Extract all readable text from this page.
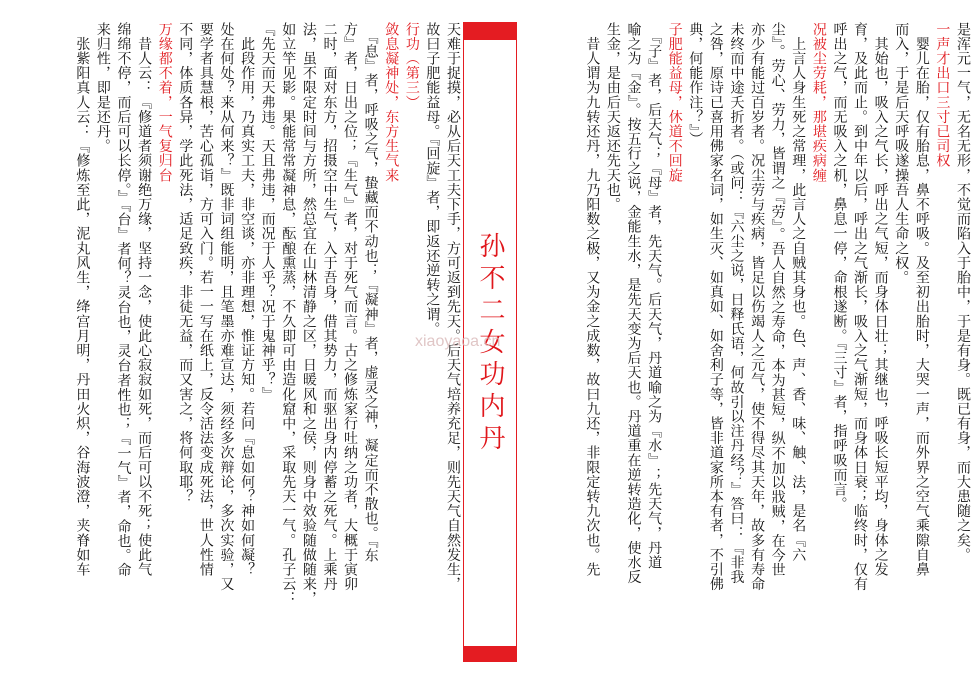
是浑元一气，无名无形，不觉而陷入于胎中，于是有身。既已有身，而大患随之矣。
一声才出口三寸已司权
　婴儿在胎，仅有胎息，鼻不呼吸。及至初出胎时，大哭一声，而外界之空气乘隙自鼻
而入，于是后天呼吸遂操吾人生命之权。
　其始也，吸入之气长，呼出之气短，而身体日壮；其继也，呼吸长短平均，身体之发
育，及此而止。到中年以后，呼出之气渐长，吸入之气渐短，而身体日衰；临终时，仅有
呼出之气，而无吸入之机，鼻息一停，命根遂断。『三寸』者，指呼吸而言。
况被尘劳耗，那堪疾病缠
　上言人身生死之常理，此言人之自贼其身也。色、声、香、味、触、法，是名『六
尘』。劳心、劳力，皆谓之『劳』。吾人自然之寿命，本为甚短，纵不加以戕贼，在今世
亦少有能过百岁者。况尘劳与疾病，皆足以伤竭人之元气，使不得尽其天年，故多有寿命
未终而中途夭折者。（或问：『六尘之说，日释氏语，何故引以注丹经？』答曰：『非我
之咎，原诗已喜用佛家名词，如生灭、如真如、如舍利子等，皆非道家所本有者，不引佛
典，何能作注？』）
子肥能益母，休道不回旋
　『子』者，后天气；『母』者，先天气。后天气，丹道喻之为『水』；先天气，丹道
喻之为『金』。按五行之说，金能生水，是先天变为后天也。丹道重在逆转造化，使水反
生金，是由后天返还先天也。
　昔人谓为九转还丹，九乃阳数之极，又为金之成数，故曰九还，非限定转九次也。先
孙不二女功内丹
天难于捉摸，必从后天工夫下手，方可返到先天。后天气培养充足，则先天气自然发生，
故曰子肥能益母。『回旋』者，即返还逆转之谓。
行功（第三）
敛息凝神处，东方生气来
　『息』者，呼吸之气，蛰藏而不动也；『凝神』者，虚灵之神，凝定而不散也。『东
方』者，日出之位；『生气』者，对于死气而言。古之修炼家行吐纳之功者，大概于寅卯
二时，面对东方，招摄空中生气，入于吾身，借其势力，而驱出身内停蓄之死气。上乘丹
法，虽不限定时间与方所，然总宜在山林清静之区，日暖风和之侯，则身中效验随做随来，
如立竿见影。果能常常凝神息，酝酿熏蒸，不久即可由造化窟中，采取先天一气。孔子云：
『先天而天弗违。天且弗违，而况于人乎？况于鬼神乎？』
　此段作用，乃真实工夫，非空谈，亦非理想，惟证方知。若问『息如何？神如何凝？
处在何处？来从何来？』既非词组能明，且笔墨亦难宣达，须经多次辩论，多次实验，又
要学者具慧根，苦心孤诣，方可入门。若一一写在纸上，反令活法变成死法，世人性情
不同，体质各异，学此死法，适足致疾，非徒无益，而又害之，将何取耶？
万缘都不着，一气复归台
　昔人云：『修道者须谢绝万缘，坚持一念，使此心寂寂如死，而后可以不死；使此气
绵绵不停，而后可以长停。』『台』者何？灵台也，灵台者性也；『一气』者，命也。命
来归性，即是还丹。
　张紫阳真人云：『修炼至此，泥丸风生，绛宫月明，丹田火炽，谷海波澄，夹脊如车	xiaoyaoa.cn
